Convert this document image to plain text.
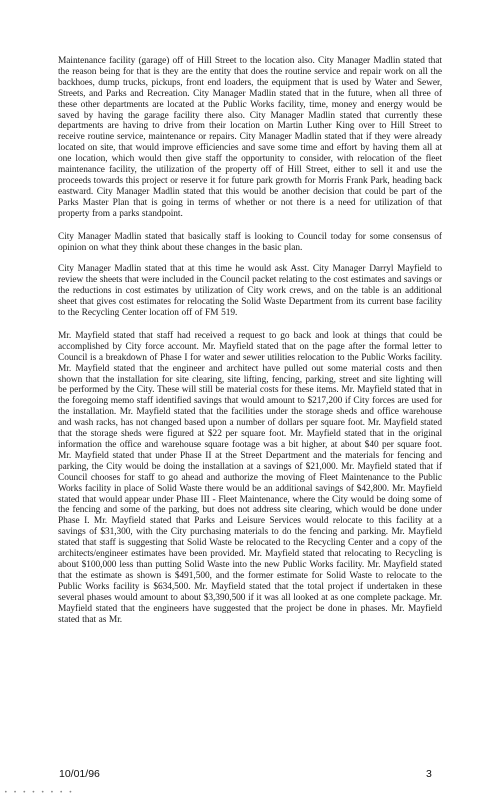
Maintenance facility (garage) off of Hill Street to the location also. City Manager Madlin stated that the reason being for that is they are the entity that does the routine service and repair work on all the backhoes, dump trucks, pickups, front end loaders, the equipment that is used by Water and Sewer, Streets, and Parks and Recreation. City Manager Madlin stated that in the future, when all three of these other departments are located at the Public Works facility, time, money and energy would be saved by having the garage facility there also. City Manager Madlin stated that currently these departments are having to drive from their location on Martin Luther King over to Hill Street to receive routine service, maintenance or repairs. City Manager Madlin stated that if they were already located on site, that would improve efficiencies and save some time and effort by having them all at one location, which would then give staff the opportunity to consider, with relocation of the fleet maintenance facility, the utilization of the property off of Hill Street, either to sell it and use the proceeds towards this project or reserve it for future park growth for Morris Frank Park, heading back eastward. City Manager Madlin stated that this would be another decision that could be part of the Parks Master Plan that is going in terms of whether or not there is a need for utilization of that property from a parks standpoint.

City Manager Madlin stated that basically staff is looking to Council today for some consensus of opinion on what they think about these changes in the basic plan.

City Manager Madlin stated that at this time he would ask Asst. City Manager Darryl Mayfield to review the sheets that were included in the Council packet relating to the cost estimates and savings or the reductions in cost estimates by utilization of City work crews, and on the table is an additional sheet that gives cost estimates for relocating the Solid Waste Department from its current base facility to the Recycling Center location off of FM 519.

Mr. Mayfield stated that staff had received a request to go back and look at things that could be accomplished by City force account. Mr. Mayfield stated that on the page after the formal letter to Council is a breakdown of Phase I for water and sewer utilities relocation to the Public Works facility. Mr. Mayfield stated that the engineer and architect have pulled out some material costs and then shown that the installation for site clearing, site lifting, fencing, parking, street and site lighting will be performed by the City. These will still be material costs for these items. Mr. Mayfield stated that in the foregoing memo staff identified savings that would amount to $217,200 if City forces are used for the installation. Mr. Mayfield stated that the facilities under the storage sheds and office warehouse and wash racks, has not changed based upon a number of dollars per square foot. Mr. Mayfield stated that the storage sheds were figured at $22 per square foot. Mr. Mayfield stated that in the original information the office and warehouse square footage was a bit higher, at about $40 per square foot. Mr. Mayfield stated that under Phase II at the Street Department and the materials for fencing and parking, the City would be doing the installation at a savings of $21,000. Mr. Mayfield stated that if Council chooses for staff to go ahead and authorize the moving of Fleet Maintenance to the Public Works facility in place of Solid Waste there would be an additional savings of $42,800. Mr. Mayfield stated that would appear under Phase III - Fleet Maintenance, where the City would be doing some of the fencing and some of the parking, but does not address site clearing, which would be done under Phase I. Mr. Mayfield stated that Parks and Leisure Services would relocate to this facility at a savings of $31,300, with the City purchasing materials to do the fencing and parking. Mr. Mayfield stated that staff is suggesting that Solid Waste be relocated to the Recycling Center and a copy of the architects/engineer estimates have been provided. Mr. Mayfield stated that relocating to Recycling is about $100,000 less than putting Solid Waste into the new Public Works facility. Mr. Mayfield stated that the estimate as shown is $491,500, and the former estimate for Solid Waste to relocate to the Public Works facility is $634,500. Mr. Mayfield stated that the total project if undertaken in these several phases would amount to about $3,390,500 if it was all looked at as one complete package. Mr. Mayfield stated that the engineers have suggested that the project be done in phases. Mr. Mayfield stated that as Mr.

10/01/96	3
• • • • • • • •
